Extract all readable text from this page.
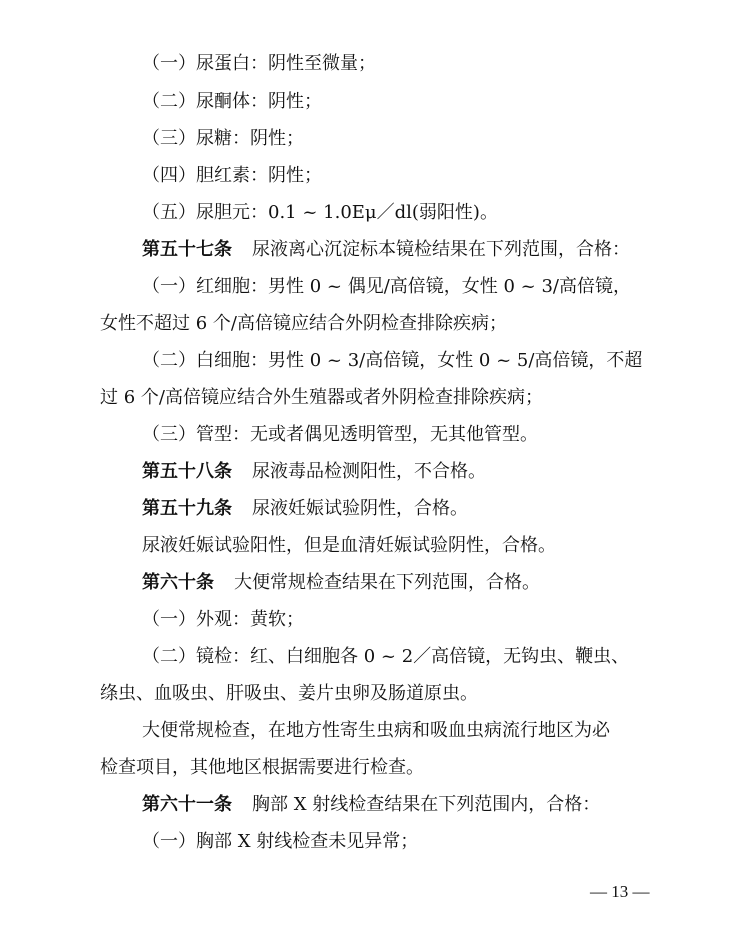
（一）尿蛋白：阴性至微量；
（二）尿酮体：阴性；
（三）尿糖：阴性；
（四）胆红素：阴性；
（五）尿胆元：0.1 ~ 1.0Eμ／dl(弱阳性)。
第五十七条 尿液离心沉淀标本镜检结果在下列范围，合格：
（一）红细胞：男性 0 ~ 偶见/高倍镜，女性 0 ~ 3/高倍镜，
女性不超过 6 个/高倍镜应结合外阴检查排除疾病；
（二）白细胞：男性 0 ~ 3/高倍镜，女性 0 ~ 5/高倍镜，不超
过 6 个/高倍镜应结合外生殖器或者外阴检查排除疾病；
（三）管型：无或者偶见透明管型，无其他管型。
第五十八条 尿液毒品检测阳性，不合格。
第五十九条 尿液妊娠试验阴性，合格。
尿液妊娠试验阳性，但是血清妊娠试验阴性，合格。
第六十条 大便常规检查结果在下列范围，合格。
（一）外观：黄软；
（二）镜检：红、白细胞各 0 ~ 2／高倍镜，无钩虫、鞭虫、
绦虫、血吸虫、肝吸虫、姜片虫卵及肠道原虫。
大便常规检查，在地方性寄生虫病和吸血虫病流行地区为必
检查项目，其他地区根据需要进行检查。
第六十一条 胸部 X 射线检查结果在下列范围内，合格：
（一）胸部 X 射线检查未见异常；
— 13 —
